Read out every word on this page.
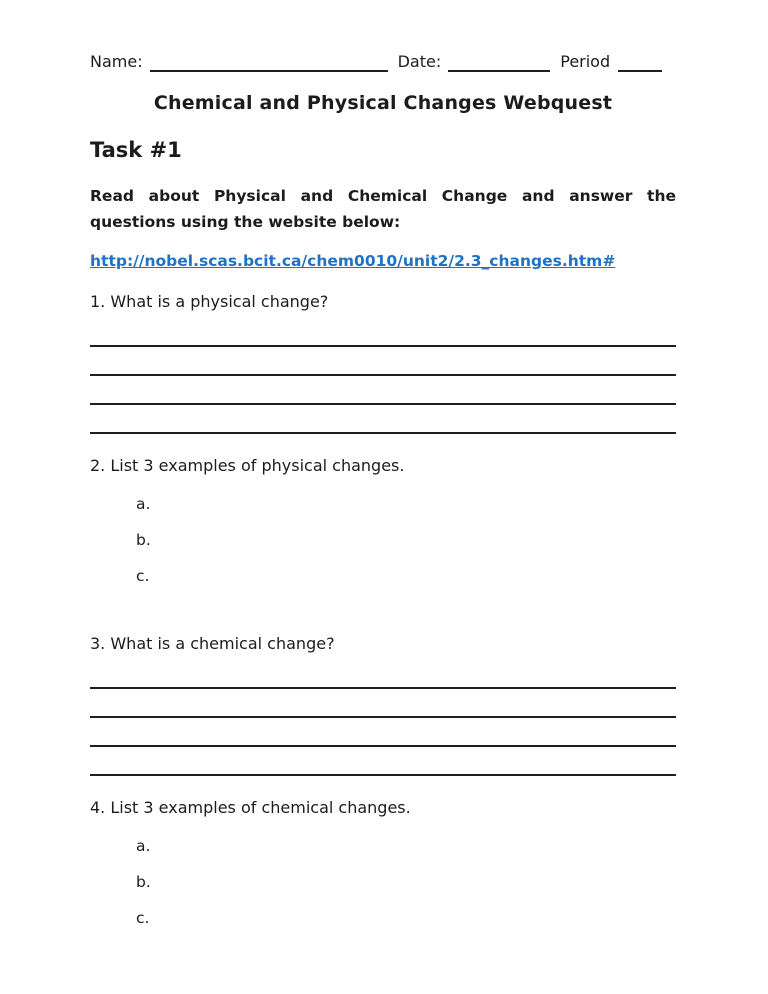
Name:	Date:	Period
Chemical and Physical Changes Webquest
Task #1

Read about Physical and Chemical Change and answer the questions using the website below:

http://nobel.scas.bcit.ca/chem0010/unit2/2.3_changes.htm#

1. What is a physical change?

2. List 3 examples of physical changes.

a.
b.
c.

3. What is a chemical change?

4. List 3 examples of chemical changes.

a.
b.
c.
